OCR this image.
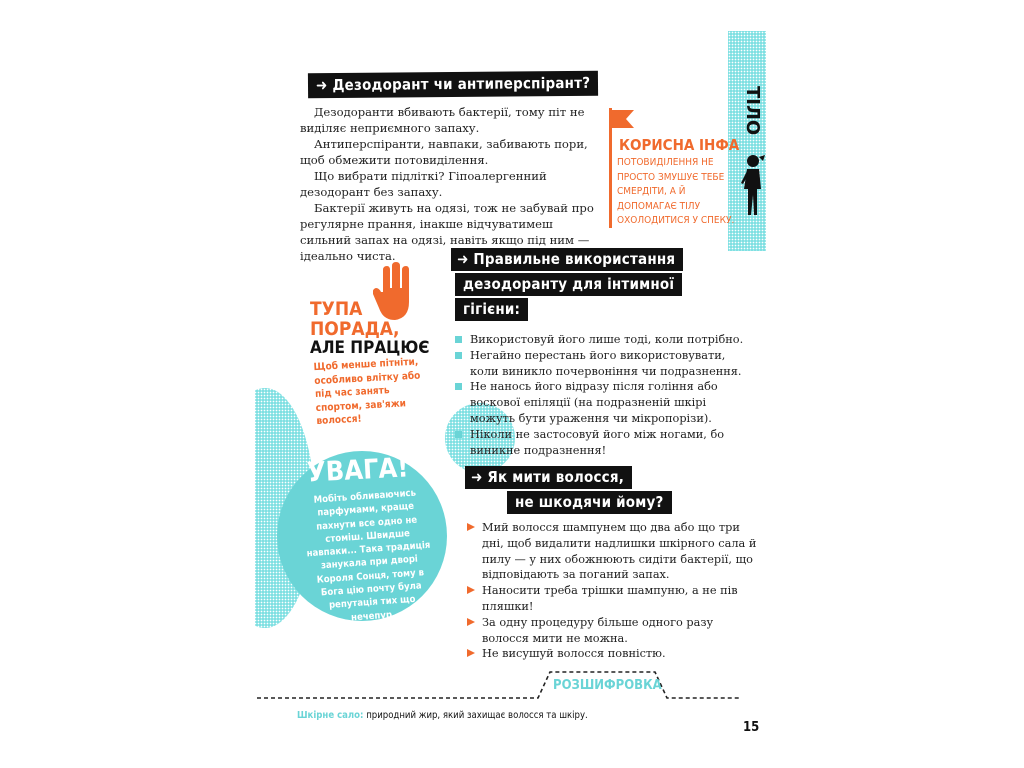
ТІЛО
➜ Дезодорант чи антиперспірант?

Дезодоранти вбивають бактерії, тому піт не виділяє неприємного запаху.

Антиперспіранти, навпаки, забивають пори, щоб обмежити потовиділення.

Що вибрати підліткі? Гіпоалергенний дезодорант без запаху.

Бактерії живуть на одязі, тож не забувай про регулярне прання, інакше відчуватимеш сильний запах на одязі, навіть якщо під ним — ідеально чиста.

КОРИСНА ІНФА
ПОТОВИДІЛЕННЯ НЕ ПРОСТО ЗМУШУЄ ТЕБЕ СМЕРДІТИ, А Й ДОПОМАГАЄ ТІЛУ ОХОЛОДИТИСЯ У СПЕКУ.
ТУПА
ПОРАДА,
АЛЕ ПРАЦЮЄ
Щоб менше пітніти, особливо влітку або під час занять спортом, зав'яжи волосся!
УВАГА!
Мобіть обливаючись парфумами, краще пахнути все одно не стоміш. Швидше навпаки... Така традиція занукала при дворі Короля Сонця, тому в Бога цію почту була репутація тих що нечепур.
➜ Правильне використання
дезодоранту для інтимної
гігієни:
Використовуй його лише тоді, коли потрібно.
Негайно перестань його використовувати, коли виникло почервоніння чи подразнення.
Не нанось його відразу після гоління або воскової епіляції (на подразненій шкірі можуть бути ураження чи мікропорізи).
Ніколи не застосовуй його між ногами, бо виникне подразнення!
➜ Як мити волосся,
не шкодячи йому?
Мий волосся шампунем що два або що три дні, щоб видалити надлишки шкірного сала й пилу — у них обожнюють сидіти бактерії, що відповідають за поганий запах.
Наносити треба трішки шампуню, а не пів пляшки!
За одну процедуру більше одного разу волосся мити не можна.
Не висушуй волосся повністю.
РОЗШИФРОВКА
Шкірне сало: природний жир, який захищає волосся та шкіру.
15
